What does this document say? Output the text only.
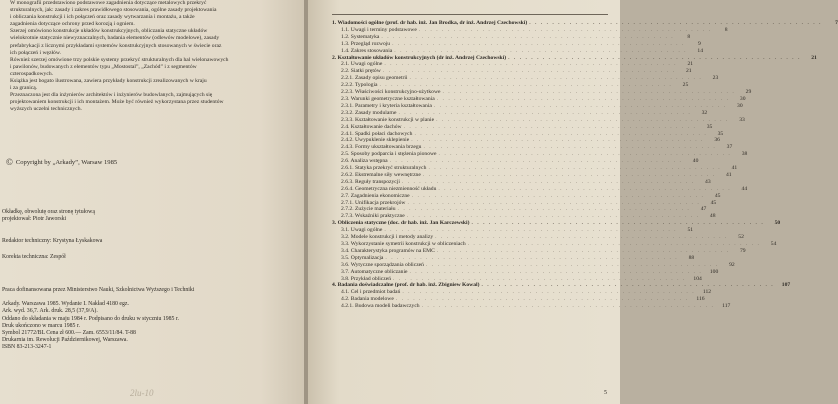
W monografii przedstawiono podstawowe zagadnienia dotyczące metalowych przekryć

strukturalnych, jak: zasady i zakres prawidłowego stosowania, ogólne zasady projektowania

i obliczania konstrukcji i ich połączeń oraz zasady wytwarzania i montażu, a także

zagadnienia dotyczące ochrony przed korozją i ogniem.

Szerzej omówiono konstrukcje układów konstrukcyjnych, obliczania statyczne układów

wielokrotnie statycznie niewyznaczalnych, badania elementów (odlewów modelowe), zasady

prefabrykacji z licznymi przykładami systemów konstrukcyjnych stosowanych w świecie oraz

ich połączeń i węzłów.

Również szerzej omówione trzy polskie systemy przekryć strukturalnych dla hal wielonawowych

i pawilonów, budowanych z elementów typu „Mostostal”, „Zachód” i z segmentów

czterospadkowych.

Książka jest bogato ilustrowana, zawiera przykłady konstrukcji zrealizowanych w kraju

i za granicą.

Przeznaczona jest dla inżynierów architektów i inżynierów budowlanych, zajmujących się

projektowaniem konstrukcji i ich montażem. Może być również wykorzystana przez studentów

wyższych uczelni technicznych.

© Copyright by „Arkady”, Warsaw 1985
Okładkę, obwolutę oraz stronę tytułową
projektował: Piotr Jaworski
Redaktor techniczny: Krystyna Łyskakowa
Korekta techniczna: Zespół
Praca dofinansowana przez Ministerstwo Nauki, Szkolnictwa Wyższego i Techniki
Arkady. Warszawa 1985. Wydanie I. Nakład 4180 egz.
Ark. wyd. 36,7. Ark. druk. 28,5 (37,9/A).
Oddano do składania w maju 1984 r. Podpisano do druku w styczniu 1985 r.
Druk ukończono w marcu 1985 r.
Symbol 21772/BL Cena zł 600.— Zam. 6553/11/84. T-88
Drukarnia im. Rewolucji Październikowej, Warszawa.
ISBN 83-213-3247-1
2lu-10
1. Wiadomości ogólne (prof. dr hab. inż. Jan Brodka, dr inż. Andrzej Czechowski) . . . . . . . . . . . . . . . . . . . . . . . . . . . . . . . . . . . . . . . . . . . . . . . . . . .	7
1.1. Uwagi i terminy podstawowe . . . . . . . . . . . . . . . . . . . . . . . . . . . . . . . . . . . . . . . . . . . . . . . . . . .	8
1.2. Systematyka . . . . . . . . . . . . . . . . . . . . . . . . . . . . . . . . . . . . . . . . . . . . . . . . . . .	8
1.3. Przegląd rozwoju . . . . . . . . . . . . . . . . . . . . . . . . . . . . . . . . . . . . . . . . . . . . . . . . . . .	9
1.4. Zakres stosowania . . . . . . . . . . . . . . . . . . . . . . . . . . . . . . . . . . . . . . . . . . . . . . . . . . .	14
2. Kształtowanie układów konstrukcyjnych (dr inż. Andrzej Czechowski) . . . . . . . . . . . . . . . . . . . . . . . . . . . . . . . . . . . . . . . . . . . . . . . . . . .	21
2.1. Uwagi ogólne . . . . . . . . . . . . . . . . . . . . . . . . . . . . . . . . . . . . . . . . . . . . . . . . . . .	21
2.2. Siatki prętów . . . . . . . . . . . . . . . . . . . . . . . . . . . . . . . . . . . . . . . . . . . . . . . . . . .	21
2.2.1. Zasady opisu geometrii . . . . . . . . . . . . . . . . . . . . . . . . . . . . . . . . . . . . . . . . . . . . . . . . . . .	23
2.2.2. Typologia . . . . . . . . . . . . . . . . . . . . . . . . . . . . . . . . . . . . . . . . . . . . . . . . . . .	25
2.2.3. Właściwości konstrukcyjno-użytkowe . . . . . . . . . . . . . . . . . . . . . . . . . . . . . . . . . . . . . . . . . . . . . . . . . . .	29
2.3. Warunki geometryczne kształtowania . . . . . . . . . . . . . . . . . . . . . . . . . . . . . . . . . . . . . . . . . . . . . . . . . . .	30
2.3.1. Parametry i kryteria kształtowania . . . . . . . . . . . . . . . . . . . . . . . . . . . . . . . . . . . . . . . . . . . . . . . . . . .	30
2.3.2. Zasady modularne . . . . . . . . . . . . . . . . . . . . . . . . . . . . . . . . . . . . . . . . . . . . . . . . . . .	32
2.3.3. Kształtowanie konstrukcji w planie . . . . . . . . . . . . . . . . . . . . . . . . . . . . . . . . . . . . . . . . . . . . . . . . . . .	33
2.4. Kształtowanie dachów . . . . . . . . . . . . . . . . . . . . . . . . . . . . . . . . . . . . . . . . . . . . . . . . . . .	35
2.4.1. Spadki połaci dachowych . . . . . . . . . . . . . . . . . . . . . . . . . . . . . . . . . . . . . . . . . . . . . . . . . . .	35
2.4.2. Uwypuklenie sklepienie . . . . . . . . . . . . . . . . . . . . . . . . . . . . . . . . . . . . . . . . . . . . . . . . . . .	36
2.4.3. Formy ukształtowania brzegu . . . . . . . . . . . . . . . . . . . . . . . . . . . . . . . . . . . . . . . . . . . . . . . . . . .	37
2.5. Sposoby podparcia i stężenia pionowe . . . . . . . . . . . . . . . . . . . . . . . . . . . . . . . . . . . . . . . . . . . . . . . . . . .	38
2.6. Analiza wstępna . . . . . . . . . . . . . . . . . . . . . . . . . . . . . . . . . . . . . . . . . . . . . . . . . . .	40
2.6.1. Statyka przekryć strukturalnych . . . . . . . . . . . . . . . . . . . . . . . . . . . . . . . . . . . . . . . . . . . . . . . . . . .	41
2.6.2. Ekstremalne siły wewnętrzne . . . . . . . . . . . . . . . . . . . . . . . . . . . . . . . . . . . . . . . . . . . . . . . . . . .	41
2.6.3. Reguły transpozycji . . . . . . . . . . . . . . . . . . . . . . . . . . . . . . . . . . . . . . . . . . . . . . . . . . .	43
2.6.4. Geometryczna niezmienność układu . . . . . . . . . . . . . . . . . . . . . . . . . . . . . . . . . . . . . . . . . . . . . . . . . . .	44
2.7. Zagadnienia ekonomiczne . . . . . . . . . . . . . . . . . . . . . . . . . . . . . . . . . . . . . . . . . . . . . . . . . . .	45
2.7.1. Unifikacja przekrojów . . . . . . . . . . . . . . . . . . . . . . . . . . . . . . . . . . . . . . . . . . . . . . . . . . .	45
2.7.2. Zużycie materiału . . . . . . . . . . . . . . . . . . . . . . . . . . . . . . . . . . . . . . . . . . . . . . . . . . .	47
2.7.3. Wskaźniki praktyczne . . . . . . . . . . . . . . . . . . . . . . . . . . . . . . . . . . . . . . . . . . . . . . . . . . .	48
3. Obliczenia statyczne (doc. dr hab. inż. Jan Karczewski) . . . . . . . . . . . . . . . . . . . . . . . . . . . . . . . . . . . . . . . . . . . . . . . . . . .	50
3.1. Uwagi ogólne . . . . . . . . . . . . . . . . . . . . . . . . . . . . . . . . . . . . . . . . . . . . . . . . . . .	51
3.2. Modele konstrukcji i metody analizy . . . . . . . . . . . . . . . . . . . . . . . . . . . . . . . . . . . . . . . . . . . . . . . . . . .	52
3.3. Wykorzystanie symetrii konstrukcji w obliczeniach . . . . . . . . . . . . . . . . . . . . . . . . . . . . . . . . . . . . . . . . . . . . . . . . . . .	54
3.4. Charakterystyka programów na EMC . . . . . . . . . . . . . . . . . . . . . . . . . . . . . . . . . . . . . . . . . . . . . . . . . . .	79
3.5. Optymalizacja . . . . . . . . . . . . . . . . . . . . . . . . . . . . . . . . . . . . . . . . . . . . . . . . . . .	88
3.6. Wytyczne sporządzania obliczeń . . . . . . . . . . . . . . . . . . . . . . . . . . . . . . . . . . . . . . . . . . . . . . . . . . .	92
3.7. Automatyczne obliczanie . . . . . . . . . . . . . . . . . . . . . . . . . . . . . . . . . . . . . . . . . . . . . . . . . . .	100
3.8. Przykład obliczeń . . . . . . . . . . . . . . . . . . . . . . . . . . . . . . . . . . . . . . . . . . . . . . . . . . .	104
4. Badania doświadczalne (prof. dr hab. inż. Zbigniew Kowal) . . . . . . . . . . . . . . . . . . . . . . . . . . . . . . . . . . . . . . . . . . . . . . . . . . .	107
4.1. Cel i przedmiot badań . . . . . . . . . . . . . . . . . . . . . . . . . . . . . . . . . . . . . . . . . . . . . . . . . . .	112
4.2. Badania modelowe . . . . . . . . . . . . . . . . . . . . . . . . . . . . . . . . . . . . . . . . . . . . . . . . . . .	116
4.2.1. Budowa modeli badawczych . . . . . . . . . . . . . . . . . . . . . . . . . . . . . . . . . . . . . . . . . . . . . . . . . . .	117
5
